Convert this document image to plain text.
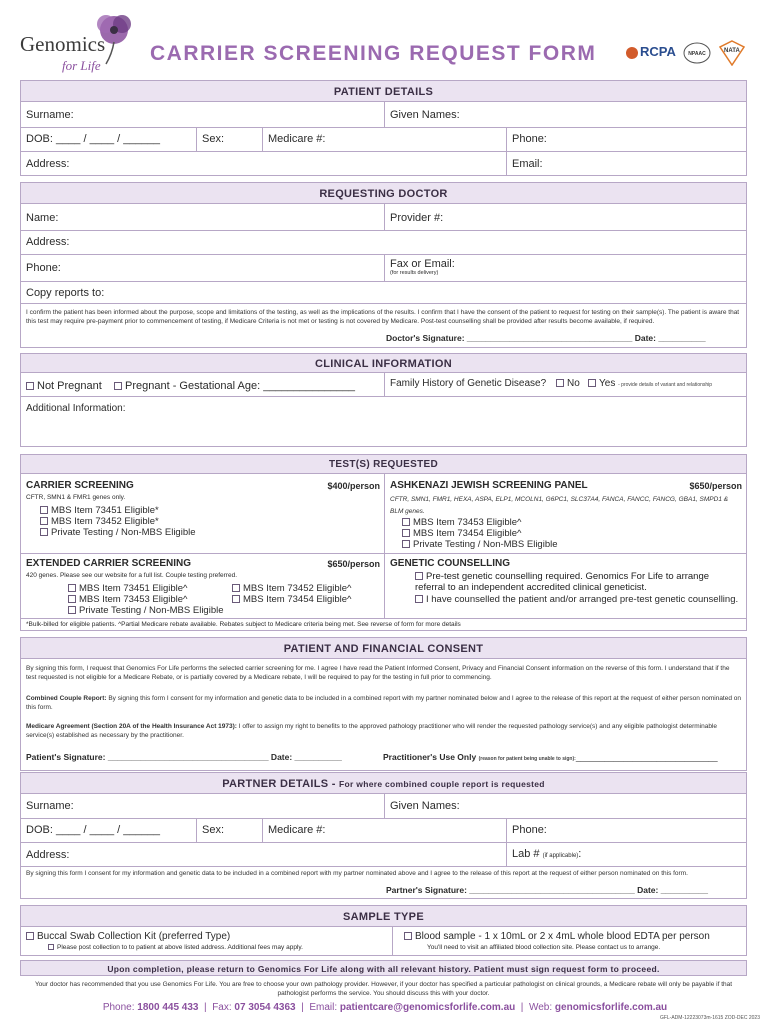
Genomics
for Life
CARRIER SCREENING REQUEST FORM	RCPA NPAAC	NATA
PATIENT DETAILS
Surname:	Given Names:
DOB: ____ / ____ / ______	Sex:	Medicare #:	Phone:
Address:	Email:
REQUESTING DOCTOR
Name:	Provider #:
Address:
Phone:	Fax or Email:
(for results delivery)
Copy reports to:
I confirm the patient has been informed about the purpose, scope and limitations of the testing, as well as the implications of the results. I confirm that I have the consent of the patient to request for testing on their sample(s). The patient is aware that this test may require pre-payment prior to commencement of testing, if Medicare Criteria is not met or testing is not covered by Medicare. Post-test counselling shall be provided after results become available, if required.
Doctor's Signature: ___________________________________ Date: __________
CLINICAL INFORMATION
Not Pregnant	Pregnant - Gestational Age: _______________	Family History of Genetic Disease?	No	Yes - provide details of variant and relationship
Additional Information:
TEST(S) REQUESTED
CARRIER SCREENING	$400/person
CFTR, SMN1 & FMR1 genes only.
MBS Item 73451 Eligible*
MBS Item 73452 Eligible*
Private Testing / Non-MBS Eligible
ASHKENAZI JEWISH SCREENING PANEL	$650/person
CFTR, SMN1, FMR1, HEXA, ASPA, ELP1, MCOLN1, G6PC1, SLC37A4, FANCA, FANCC, FANCG, GBA1, SMPD1 & BLM genes.
MBS Item 73453 Eligible^
MBS Item 73454 Eligible^
Private Testing / Non-MBS Eligible
EXTENDED CARRIER SCREENING	$650/person
420 genes. Please see our website for a full list. Couple testing preferred.
MBS Item 73451 Eligible^
MBS Item 73453 Eligible^
Private Testing / Non-MBS Eligible
MBS Item 73452 Eligible^
MBS Item 73454 Eligible^
GENETIC COUNSELLING
Pre-test genetic counselling required. Genomics For Life to arrange referral to an independent accredited clinical geneticist.
I have counselled the patient and/or arranged pre-test genetic counselling.
*Bulk-billed for eligible patients. ^Partial Medicare rebate available. Rebates subject to Medicare criteria being met. See reverse of form for more details
PATIENT AND FINANCIAL CONSENT
By signing this form, I request that Genomics For Life performs the selected carrier screening for me. I agree I have read the Patient Informed Consent, Privacy and Financial Consent information on the reverse of this form. I understand that if the test requested is not eligible for a Medicare Rebate, or is partially covered by a Medicare rebate, I will be required to pay for the testing in full prior to commencing.
Combined Couple Report: By signing this form I consent for my information and genetic data to be included in a combined report with my partner nominated below and I agree to the release of this report at the request of either person nominated on this form.
Medicare Agreement (Section 20A of the Health Insurance Act 1973): I offer to assign my right to benefits to the approved pathology practitioner who will render the requested pathology service(s) and any eligible pathologist determinable service(s) established as necessary by the practitioner.
Patient's Signature: __________________________________ Date: __________	Practitioner's Use Only (reason for patient being unable to sign):______________________________
PARTNER DETAILS - For where combined couple report is requested
Surname:	Given Names:
DOB: ____ / ____ / ______	Sex:	Medicare #:	Phone:
Address:	Lab # (if applicable):
By signing this form I consent for my information and genetic data to be included in a combined report with my partner nominated above and I agree to the release of this report at the request of either person nominated on this form.
Partner's Signature: ___________________________________ Date: __________
SAMPLE TYPE
Buccal Swab Collection Kit (preferred Type)
Please post collection to to patient at above listed address. Additional fees may apply.
Blood sample - 1 x 10mL or 2 x 4mL whole blood EDTA per person
You'll need to visit an affiliated blood collection site. Please contact us to arrange.
Upon completion, please return to Genomics For Life along with all relevant history. Patient must sign request form to proceed.
Your doctor has recommended that you use Genomics For Life. You are free to choose your own pathology provider. However, if your doctor has specified a particular pathologist on clinical grounds, a Medicare rebate will only be payable if that pathologist performs the service. You should discuss this with your doctor.
Phone: 1800 445 433  |  Fax: 07 3054 4363  |  Email: patientcare@genomicsforlife.com.au  |  Web: genomicsforlife.com.au
GFL-ADM-12223073m-1615 ZOD-DEC 2023
